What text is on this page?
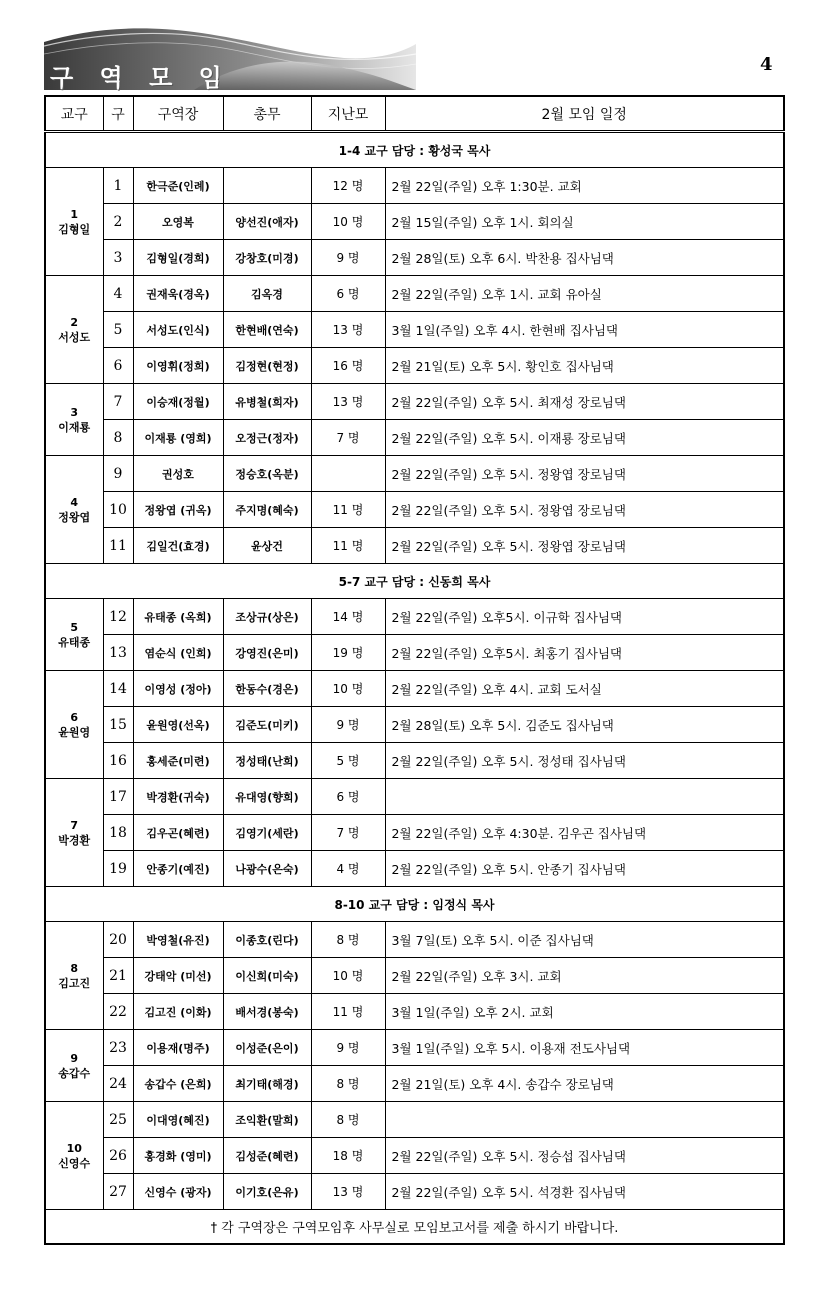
구 역 모 임	4
교구	구	구역장	총무	지난모	2월 모임 일정
1-4 교구 담당 : 황성국 목사					

1
김형일	1	한극준(인례)		12 명	2월 22일(주일) 오후 1:30분. 교회
	2	오영복	양선진(애자)	10 명	2월 15일(주일) 오후 1시. 회의실
	3	김형일(경희)	강창호(미경)	9 명	2월 28일(토) 오후 6시. 박찬용 집사님댁

2
서성도	4	권재욱(경옥)	김옥경	6 명	2월 22일(주일) 오후 1시. 교회 유아실
	5	서성도(인식)	한현배(연숙)	13 명	3월 1일(주일) 오후 4시. 한현배 집사님댁
	6	이영휘(정희)	김정현(현정)	16 명	2월 21일(토) 오후 5시. 황인호 집사님댁

3
이재룡	7	이승재(정월)	유병철(희자)	13 명	2월 22일(주일) 오후 5시. 최재성 장로님댁
	8	이재룡 (영희)	오정근(정자)	7 명	2월 22일(주일) 오후 5시. 이재룡 장로님댁

4
정왕엽	9	권성호	정승호(옥분)		2월 22일(주일) 오후 5시. 정왕엽 장로님댁
	10	정왕엽 (귀옥)	주지명(혜숙)	11 명	2월 22일(주일) 오후 5시. 정왕엽 장로님댁
	11	김일건(효경)	윤상건	11 명	2월 22일(주일) 오후 5시. 정왕엽 장로님댁
5-7 교구 담당 : 신동희 목사					

5
유태종	12	유태종 (옥희)	조상규(상은)	14 명	2월 22일(주일) 오후5시. 이규학 집사님댁
	13	염순식 (인희)	강영진(은미)	19 명	2월 22일(주일) 오후5시. 최홍기 집사님댁

6
윤원영	14	이영성 (정아)	한동수(경은)	10 명	2월 22일(주일) 오후 4시. 교회 도서실
	15	윤원영(선옥)	김준도(미키)	9 명	2월 28일(토) 오후 5시. 김준도 집사님댁
	16	홍세준(미련)	정성태(난희)	5 명	2월 22일(주일) 오후 5시. 정성태 집사님댁

7
박경환	17	박경환(귀숙)	유대영(향희)	6 명	
	18	김우곤(혜련)	김영기(세란)	7 명	2월 22일(주일) 오후 4:30분. 김우곤 집사님댁
	19	안종기(예진)	나광수(은숙)	4 명	2월 22일(주일) 오후 5시. 안종기 집사님댁
8-10 교구 담당 : 임정식 목사					

8
김고진	20	박영철(유진)	이종호(린다)	8 명	3월 7일(토) 오후 5시. 이준 집사님댁
	21	강태악 (미선)	이신희(미숙)	10 명	2월 22일(주일) 오후 3시. 교회
	22	김고진 (이화)	배서경(봉숙)	11 명	3월 1일(주일) 오후 2시. 교회

9
송갑수	23	이용재(명주)	이성준(은이)	9 명	3월 1일(주일) 오후 5시. 이용재 전도사님댁
	24	송갑수 (은희)	최기태(해경)	8 명	2월 21일(토) 오후 4시. 송갑수 장로님댁

10
신영수	25	이대영(혜진)	조익환(말희)	8 명	
	26	홍경화 (영미)	김성준(혜련)	18 명	2월 22일(주일) 오후 5시. 정승섭 집사님댁
	27	신영수 (광자)	이기호(은유)	13 명	2월 22일(주일) 오후 5시. 석경환 집사님댁
† 각 구역장은 구역모임후 사무실로 모임보고서를 제출 하시기 바랍니다.					
